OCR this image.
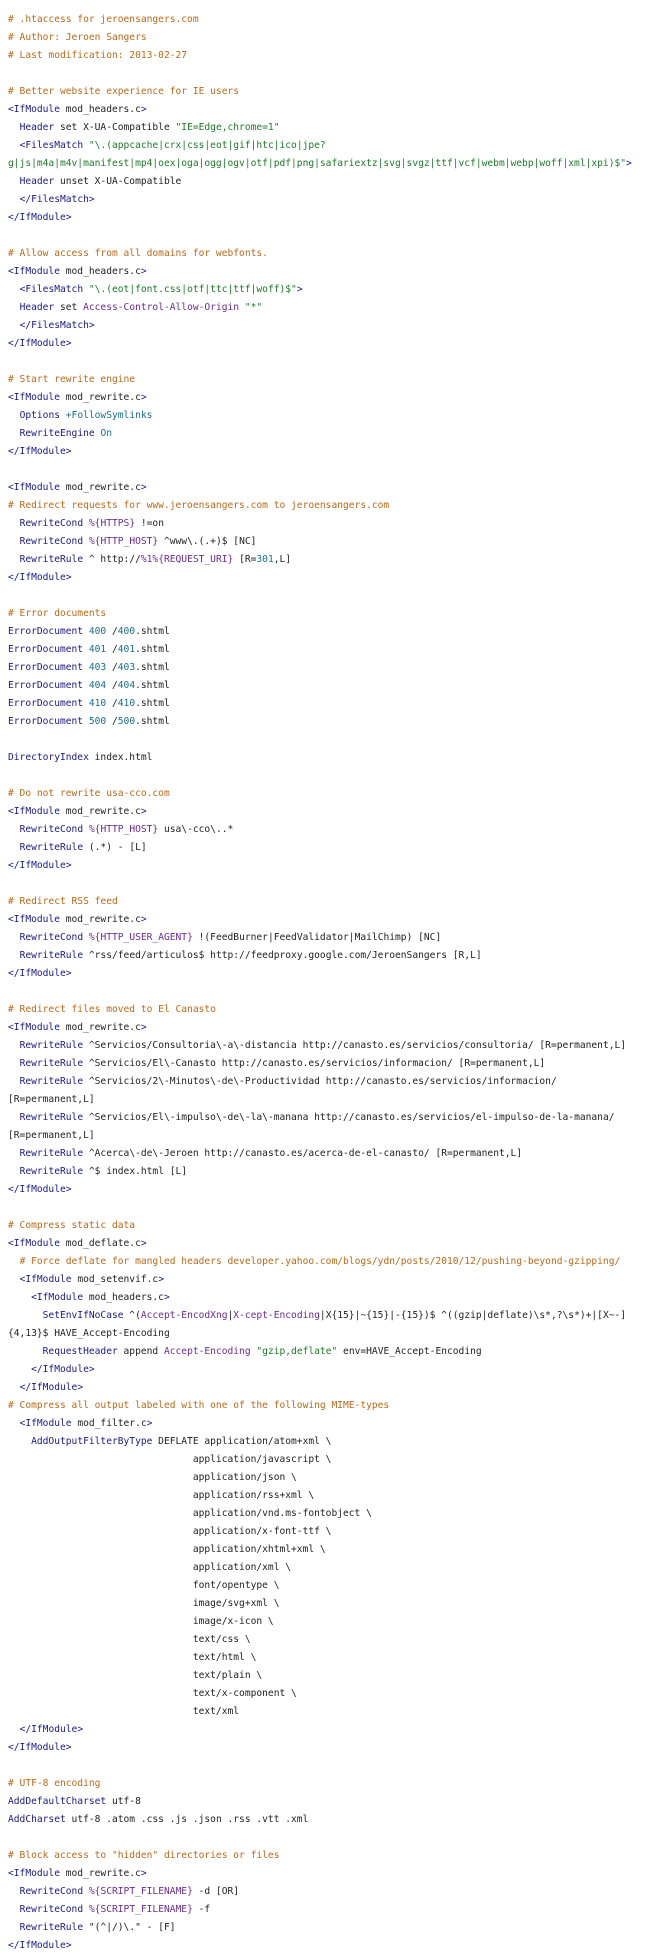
# .htaccess for jeroensangers.com
# Author: Jeroen Sangers
# Last modification: 2013-02-27
# Better website experience for IE users
<IfModule mod_headers.c>
Header set X-UA-Compatible "IE=Edge,chrome=1"
<FilesMatch "\.(appcache|crx|css|eot|gif|htc|ico|jpe?
g|js|m4a|m4v|manifest|mp4|oex|oga|ogg|ogv|otf|pdf|png|safariextz|svg|svgz|ttf|vcf|webm|webp|woff|xml|xpi)$">
Header unset X-UA-Compatible
</FilesMatch>
</IfModule>
# Allow access from all domains for webfonts.
<IfModule mod_headers.c>
<FilesMatch "\.(eot|font.css|otf|ttc|ttf|woff)$">
Header set Access-Control-Allow-Origin "*"
</FilesMatch>
</IfModule>
# Start rewrite engine
<IfModule mod_rewrite.c>
Options +FollowSymlinks
RewriteEngine On
</IfModule>
<IfModule mod_rewrite.c>
# Redirect requests for www.jeroensangers.com to jeroensangers.com
RewriteCond %{HTTPS} !=on
RewriteCond %{HTTP_HOST} ^www\.(.+)$ [NC]
RewriteRule ^ http://%1%{REQUEST_URI} [R=301,L]
</IfModule>
# Error documents
ErrorDocument 400 /400.shtml
ErrorDocument 401 /401.shtml
ErrorDocument 403 /403.shtml
ErrorDocument 404 /404.shtml
ErrorDocument 410 /410.shtml
ErrorDocument 500 /500.shtml
DirectoryIndex index.html
# Do not rewrite usa-cco.com
<IfModule mod_rewrite.c>
RewriteCond %{HTTP_HOST} usa\-cco\..*
RewriteRule (.*) - [L]
</IfModule>
# Redirect RSS feed
<IfModule mod_rewrite.c>
RewriteCond %{HTTP_USER_AGENT} !(FeedBurner|FeedValidator|MailChimp) [NC]
RewriteRule ^rss/feed/articulos$ http://feedproxy.google.com/JeroenSangers [R,L]
</IfModule>
# Redirect files moved to El Canasto
<IfModule mod_rewrite.c>
RewriteRule ^Servicios/Consultoria\-a\-distancia http://canasto.es/servicios/consultoria/ [R=permanent,L]
RewriteRule ^Servicios/El\-Canasto http://canasto.es/servicios/informacion/ [R=permanent,L]
RewriteRule ^Servicios/2\-Minutos\-de\-Productividad http://canasto.es/servicios/informacion/
[R=permanent,L]
RewriteRule ^Servicios/El\-impulso\-de\-la\-manana http://canasto.es/servicios/el-impulso-de-la-manana/
[R=permanent,L]
RewriteRule ^Acerca\-de\-Jeroen http://canasto.es/acerca-de-el-canasto/ [R=permanent,L]
RewriteRule ^$ index.html [L]
</IfModule>
# Compress static data
<IfModule mod_deflate.c>
# Force deflate for mangled headers developer.yahoo.com/blogs/ydn/posts/2010/12/pushing-beyond-gzipping/
<IfModule mod_setenvif.c>
<IfModule mod_headers.c>
SetEnvIfNoCase ^(Accept-EncodXng|X-cept-Encoding|X{15}|~{15}|-{15})$ ^((gzip|deflate)\s*,?\s*)+|[X~-]
{4,13}$ HAVE_Accept-Encoding
RequestHeader append Accept-Encoding "gzip,deflate" env=HAVE_Accept-Encoding
</IfModule>
</IfModule>
# Compress all output labeled with one of the following MIME-types
<IfModule mod_filter.c>
AddOutputFilterByType DEFLATE application/atom+xml \
application/javascript \
application/json \
application/rss+xml \
application/vnd.ms-fontobject \
application/x-font-ttf \
application/xhtml+xml \
application/xml \
font/opentype \
image/svg+xml \
image/x-icon \
text/css \
text/html \
text/plain \
text/x-component \
text/xml
</IfModule>
</IfModule>
# UTF-8 encoding
AddDefaultCharset utf-8
AddCharset utf-8 .atom .css .js .json .rss .vtt .xml
# Block access to "hidden" directories or files
<IfModule mod_rewrite.c>
RewriteCond %{SCRIPT_FILENAME} -d [OR]
RewriteCond %{SCRIPT_FILENAME} -f
RewriteRule "(^|/)\." - [F]
</IfModule>
